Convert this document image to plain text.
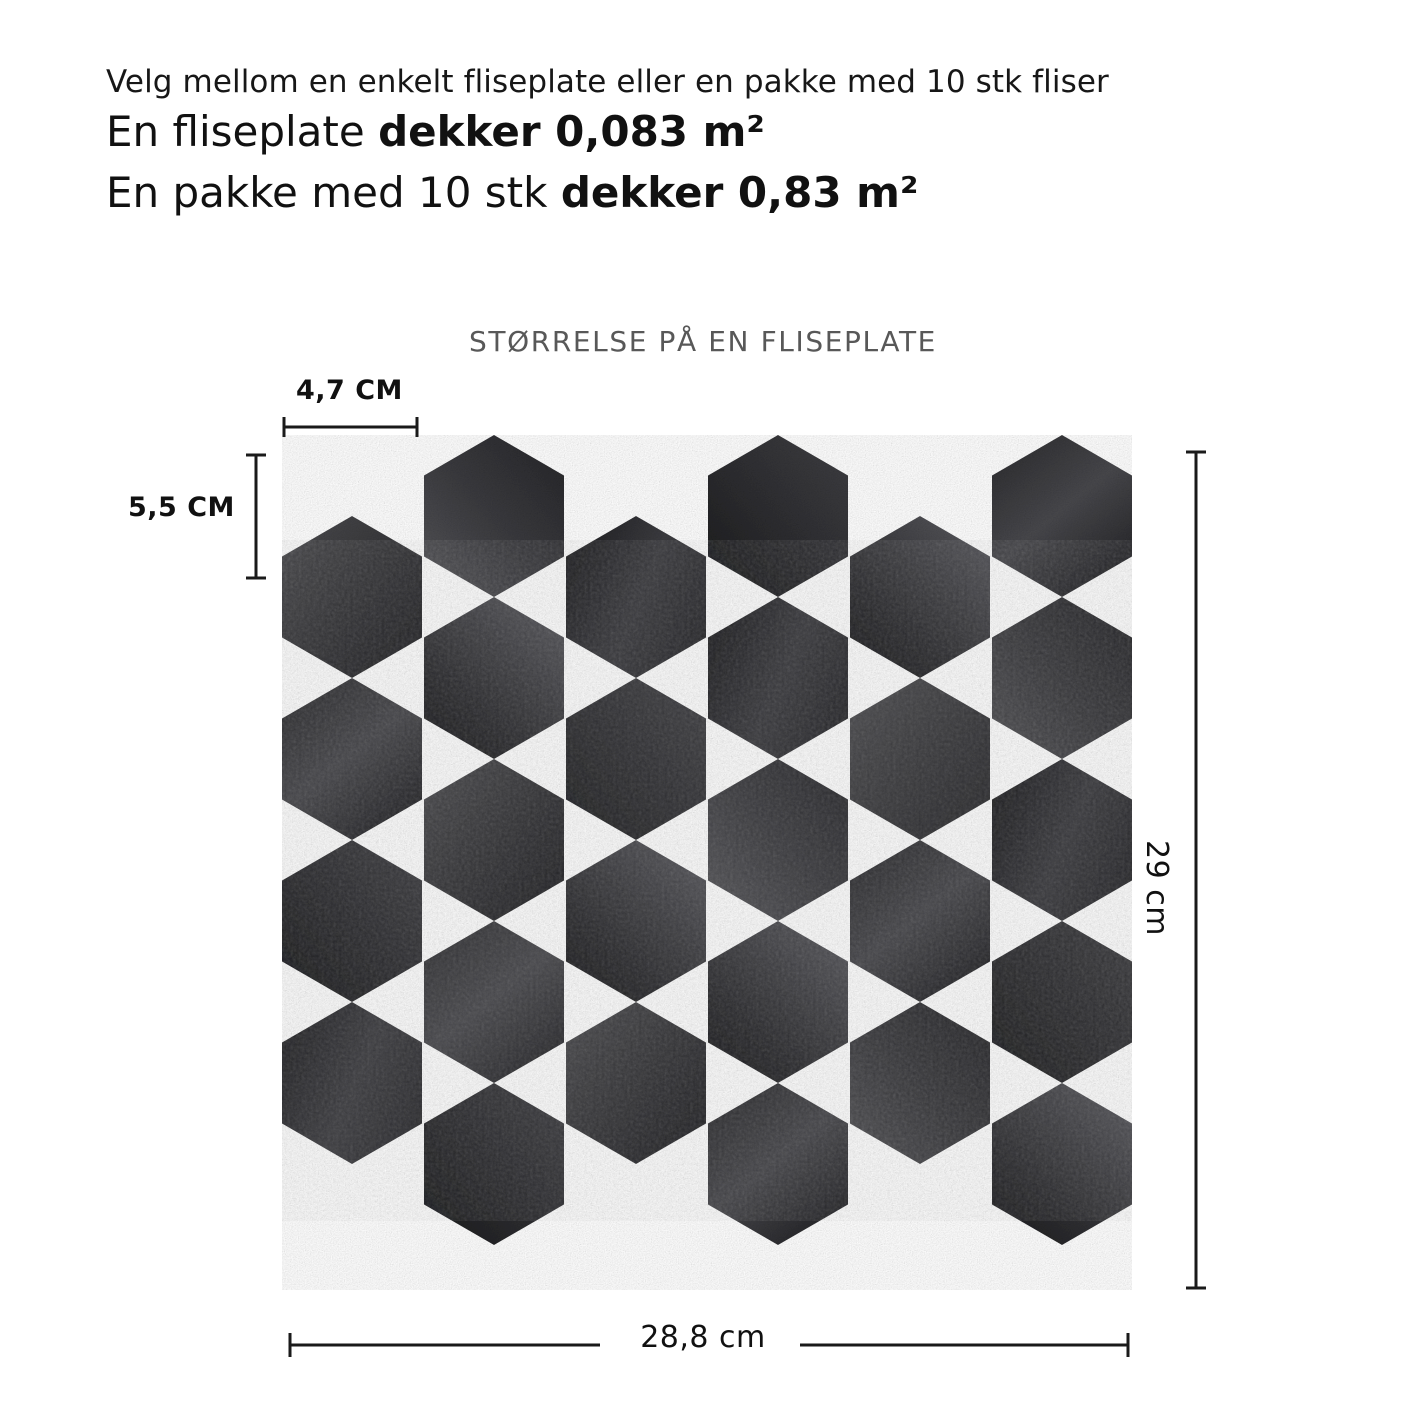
Velg mellom en enkelt fliseplate eller en pakke med 10 stk fliser
En fliseplate dekker 0,083 m²
En pakke med 10 stk dekker 0,83 m²
STØRRELSE PÅ EN FLISEPLATE
4,7 CM
5,5 CM
28,8 cm
29 cm
